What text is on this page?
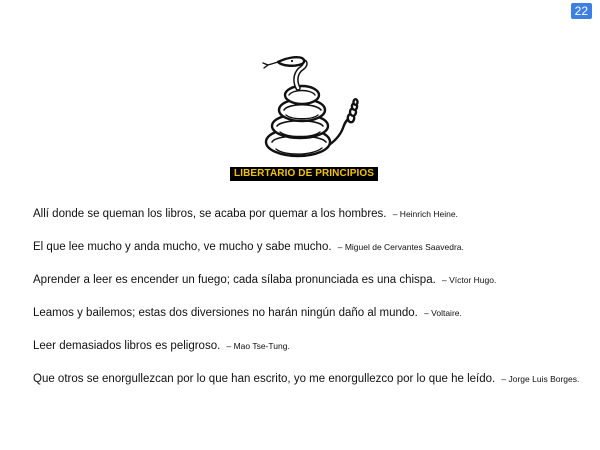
22
LIBERTARIO DE PRINCIPIOS
Allí donde se queman los libros, se acaba por quemar a los hombres. – Heinrich Heine.
El que lee mucho y anda mucho, ve mucho y sabe mucho. – Miguel de Cervantes Saavedra.
Aprender a leer es encender un fuego; cada sílaba pronunciada es una chispa. – Víctor Hugo.
Leamos y bailemos; estas dos diversiones no harán ningún daño al mundo. – Voltaire.
Leer demasiados libros es peligroso. – Mao Tse-Tung.
Que otros se enorgullezcan por lo que han escrito, yo me enorgullezco por lo que he leído. – Jorge Luis Borges.
